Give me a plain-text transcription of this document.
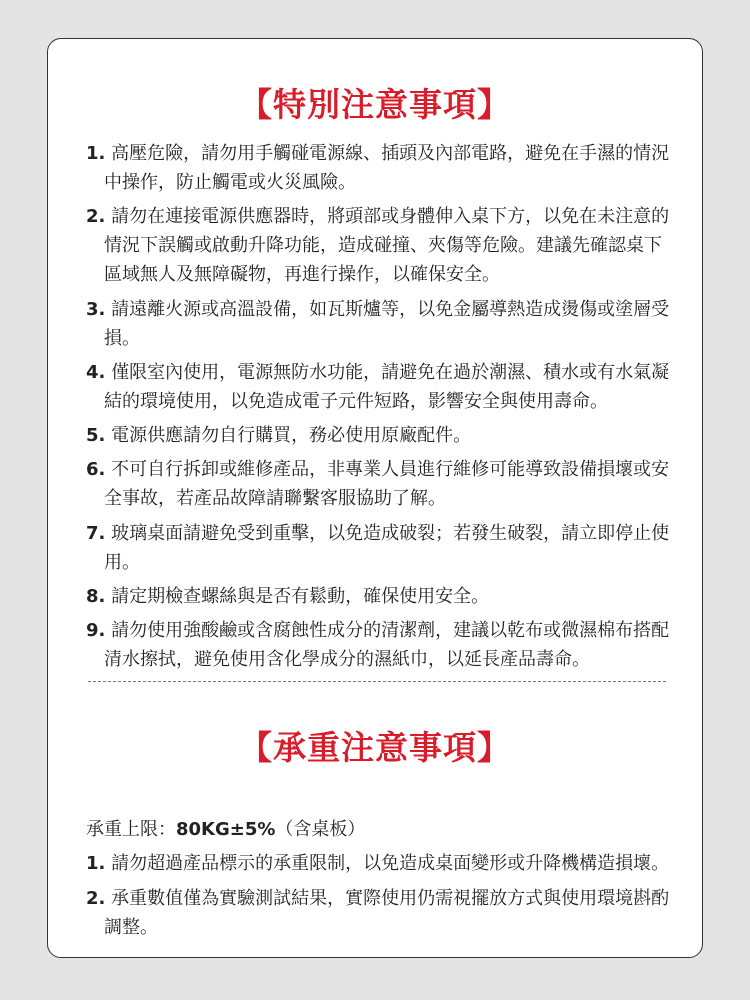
【特別注意事項】
1. 高壓危險，請勿用手觸碰電源線、插頭及內部電路，避免在手濕的情況中操作，防止觸電或火災風險。
2. 請勿在連接電源供應器時，將頭部或身體伸入桌下方，以免在未注意的情況下誤觸或啟動升降功能，造成碰撞、夾傷等危險。建議先確認桌下區域無人及無障礙物，再進行操作，以確保安全。
3. 請遠離火源或高溫設備，如瓦斯爐等，以免金屬導熱造成燙傷或塗層受損。
4. 僅限室內使用，電源無防水功能，請避免在過於潮濕、積水或有水氣凝結的環境使用，以免造成電子元件短路，影響安全與使用壽命。
5. 電源供應請勿自行購買，務必使用原廠配件。
6. 不可自行拆卸或維修產品，非專業人員進行維修可能導致設備損壞或安全事故，若產品故障請聯繫客服協助了解。
7. 玻璃桌面請避免受到重擊，以免造成破裂；若發生破裂，請立即停止使用。
8. 請定期檢查螺絲與是否有鬆動，確保使用安全。
9. 請勿使用強酸鹼或含腐蝕性成分的清潔劑，建議以乾布或微濕棉布搭配清水擦拭，避免使用含化學成分的濕紙巾，以延長產品壽命。
【承重注意事項】
承重上限：80KG±5%（含桌板）
1. 請勿超過產品標示的承重限制，以免造成桌面變形或升降機構造損壞。
2. 承重數值僅為實驗測試結果，實際使用仍需視擺放方式與使用環境斟酌調整。
